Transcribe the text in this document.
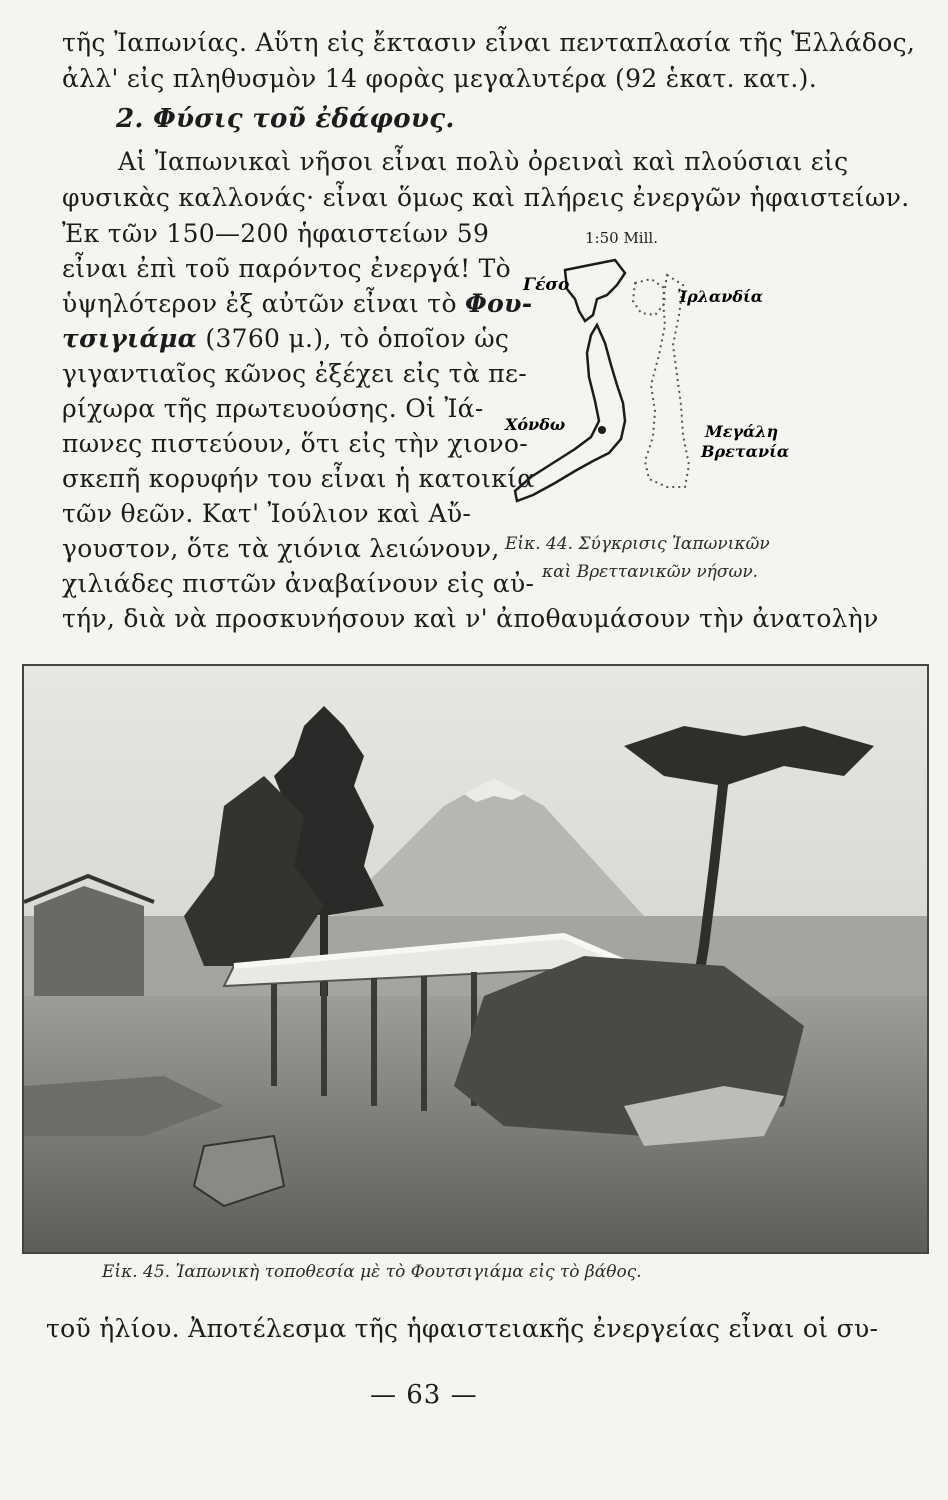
τῆς Ἰαπωνίας. Αὕτη εἰς ἔκτασιν εἶναι πενταπλασία τῆς Ἑλλάδος,
ἀλλ' εἰς πληθυσμὸν 14 φορὰς μεγαλυτέρα (92 ἑκατ. κατ.).
2. Φύσις τοῦ ἐδάφους.
Αἱ Ἰαπωνικαὶ νῆσοι εἶναι πολὺ ὀρειναὶ καὶ πλούσιαι εἰς
φυσικὰς καλλονάς· εἶναι ὅμως καὶ πλήρεις ἐνεργῶν ἡφαιστείων.
Ἐκ τῶν 150—200 ἡφαιστείων 59
εἶναι ἐπὶ τοῦ παρόντος ἐνεργά! Τὸ
ὑψηλότερον ἐξ αὐτῶν εἶναι τὸ Φου-
τσιγιάμα (3760 μ.), τὸ ὁποῖον ὡς
γιγαντιαῖος κῶνος ἐξέχει εἰς τὰ πε-
ρίχωρα τῆς πρωτευούσης. Οἱ Ἰά-
πωνες πιστεύουν, ὅτι εἰς τὴν χιονο-
σκεπῆ κορυφήν του εἶναι ἡ κατοικία
τῶν θεῶν. Κατ' Ἰούλιον καὶ Αὔ-
γουστον, ὅτε τὰ χιόνια λειώνουν,
χιλιάδες πιστῶν ἀναβαίνουν εἰς αὐ-
τήν, διὰ νὰ προσκυνήσουν καὶ ν' ἀποθαυμάσουν τὴν ἀνατολὴν
1:50 Mill.
Γέσο
Ἰρλανδία
Χόνδω	Μεγάλη
Βρετανία
Εἰκ. 44. Σύγκρισις Ἰαπωνικῶν
καὶ Βρεττανικῶν νήσων.
Εἰκ. 45. Ἰαπωνικὴ τοποθεσία μὲ τὸ Φουτσιγιάμα εἰς τὸ βάθος.
τοῦ ἡλίου. Ἀποτέλεσμα τῆς ἡφαιστειακῆς ἐνεργείας εἶναι οἱ συ-
— 63 —
